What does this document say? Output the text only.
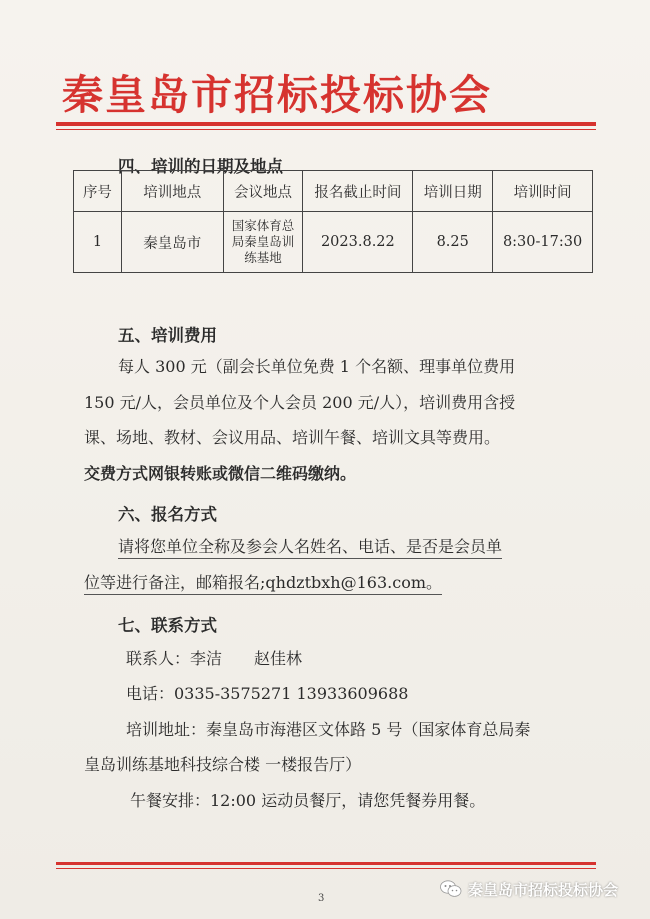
秦皇岛市招标投标协会
四、培训的日期及地点
序号	培训地点	会议地点	报名截止时间	培训日期	培训时间
1	秦皇岛市	国家体育总
局秦皇岛训
练基地	2023.8.22	8.25	8:30-17:30
五、培训费用
每人 300 元（副会长单位免费 1 个名额、理事单位费用
150 元/人，会员单位及个人会员 200 元/人），培训费用含授
课、场地、教材、会议用品、培训午餐、培训文具等费用。
交费方式网银转账或微信二维码缴纳。
六、报名方式
请将您单位全称及参会人名姓名、电话、是否是会员单
位等进行备注，邮箱报名;qhdztbxh@163.com。
七、联系方式
联系人：李洁　　赵佳林
电话：0335-3575271 13933609688
培训地址：秦皇岛市海港区文体路 5 号（国家体育总局秦
皇岛训练基地科技综合楼 一楼报告厅）
午餐安排：12:00 运动员餐厅，请您凭餐券用餐。
3	秦皇岛市招标投标协会
